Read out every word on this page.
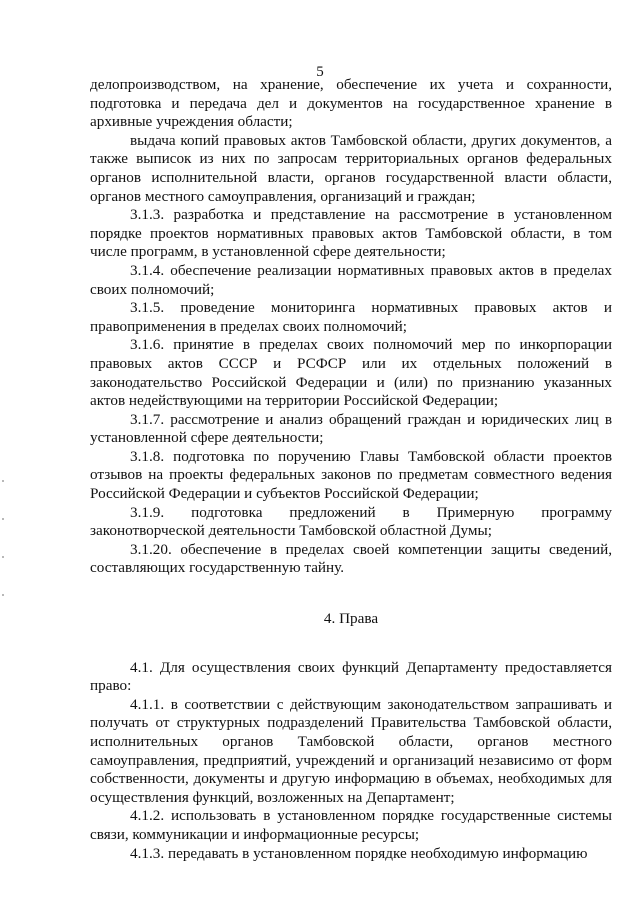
5

делопроизводством, на хранение, обеспечение их учета и сохранности, подготовка и передача дел и документов на государственное хранение в архивные учреждения области;

выдача копий правовых актов Тамбовской области, других документов, а также выписок из них по запросам территориальных органов федеральных органов исполнительной власти, органов государственной власти области, органов местного самоуправления, организаций и граждан;

3.1.3. разработка и представление на рассмотрение в установленном порядке проектов нормативных правовых актов Тамбовской области, в том числе программ, в установленной сфере деятельности;

3.1.4. обеспечение реализации нормативных правовых актов в пределах своих полномочий;

3.1.5. проведение мониторинга нормативных правовых актов и правоприменения в пределах своих полномочий;

3.1.6. принятие в пределах своих полномочий мер по инкорпорации правовых актов СССР и РСФСР или их отдельных положений в законодательство Российской Федерации и (или) по признанию указанных актов недействующими на территории Российской Федерации;

3.1.7. рассмотрение и анализ обращений граждан и юридических лиц в установленной сфере деятельности;

3.1.8. подготовка по поручению Главы Тамбовской области проектов отзывов на проекты федеральных законов по предметам совместного ведения Российской Федерации и субъектов Российской Федерации;

3.1.9. подготовка предложений в Примерную программу законотворческой деятельности Тамбовской областной Думы;

3.1.20. обеспечение в пределах своей компетенции защиты сведений, составляющих государственную тайну.

4. Права

4.1. Для осуществления своих функций Департаменту предоставляется право:

4.1.1. в соответствии с действующим законодательством запрашивать и получать от структурных подразделений Правительства Тамбовской области, исполнительных органов Тамбовской области, органов местного самоуправления, предприятий, учреждений и организаций независимо от форм собственности, документы и другую информацию в объемах, необходимых для осуществления функций, возложенных на Департамент;

4.1.2. использовать в установленном порядке государственные системы связи, коммуникации и информационные ресурсы;

4.1.3. передавать в установленном порядке необходимую информацию
